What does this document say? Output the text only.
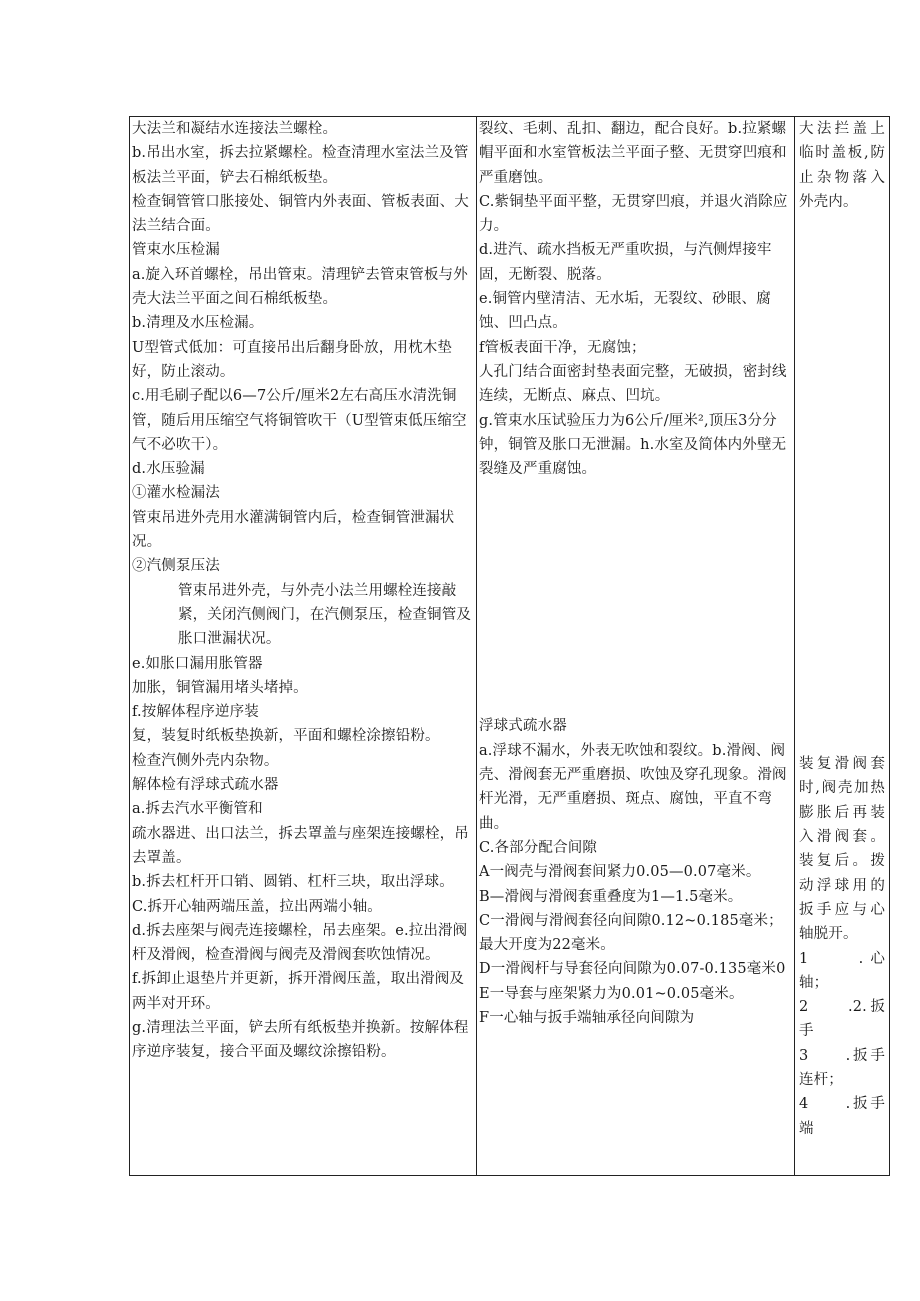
大法兰和凝结水连接法兰螺栓。
b.吊出水室，拆去拉紧螺栓。检查清理水室法兰及管板法兰平面，铲去石棉纸板垫。
检查铜管管口胀接处、铜管内外表面、管板表面、大法兰结合面。
管束水压检漏
a.旋入环首螺栓，吊出管束。清理铲去管束管板与外壳大法兰平面之间石棉纸板垫。
b.清理及水压检漏。
U型管式低加：可直接吊出后翻身卧放，用枕木垫好，防止滚动。
c.用毛刷子配以6—7公斤/厘米2左右高压水清洗铜管，随后用压缩空气将铜管吹干（U型管束低压缩空气不必吹干）。
d.水压验漏
①灌水检漏法
管束吊进外壳用水灌满铜管内后，检查铜管泄漏状况。
②汽侧泵压法
管束吊进外壳，与外壳小法兰用螺栓连接敲紧，关闭汽侧阀门，在汽侧泵压，检查铜管及胀口泄漏状况。
e.如胀口漏用胀管器
加胀，铜管漏用堵头堵掉。
f.按解体程序逆序装
复，装复时纸板垫换新，平面和螺栓涂擦铅粉。
检查汽侧外壳内杂物。
解体检有浮球式疏水器
a.拆去汽水平衡管和
疏水器进、出口法兰，拆去罩盖与座架连接螺栓，吊去罩盖。
b.拆去杠杆开口销、圆销、杠杆三块，取出浮球。
C.拆开心轴两端压盖，拉出两端小轴。
d.拆去座架与阀壳连接螺栓，吊去座架。e.拉出滑阀杆及滑阀，检查滑阀与阀壳及滑阀套吹蚀情况。
f.拆卸止退垫片并更新，拆开滑阀压盖，取出滑阀及两半对开环。
g.清理法兰平面，铲去所有纸板垫并换新。按解体程序逆序装复，接合平面及螺纹涂擦铅粉。

裂纹、毛刺、乱扣、翻边，配合良好。b.拉紧螺帽平面和水室管板法兰平面子整、无贯穿凹痕和严重磨蚀。
C.紫铜垫平面平整，无贯穿凹痕，并退火消除应力。
d.进汽、疏水挡板无严重吹损，与汽侧焊接牢固，无断裂、脱落。
e.铜管内壁清洁、无水垢，无裂纹、砂眼、腐蚀、凹凸点。
f管板表面干净，无腐蚀；
人孔门结合面密封垫表面完整，无破损，密封线连续，无断点、麻点、凹坑。
g.管束水压试验压力为6公斤/厘米²,顶压3分分钟，铜管及胀口无泄漏。h.水室及简体内外壁无裂缝及严重腐蚀。
浮球式疏水器
a.浮球不漏水，外表无吹蚀和裂纹。b.滑阀、阀壳、滑阀套无严重磨损、吹蚀及穿孔现象。滑阀杆光滑，无严重磨损、斑点、腐蚀，平直不弯曲。
C.各部分配合间隙
A一阀壳与滑阀套间紧力0.05—0.07毫米。
B—滑阀与滑阀套重叠度为1—1.5毫米。
C一滑阀与滑阀套径向间隙0.12~0.185毫米；最大开度为22毫米。
D一滑阀杆与导套径向间隙为0.07-0.135毫米0
E一导套与座架紧力为0.01~0.05毫米。
F一心轴与扳手端轴承径向间隙为

大法拦盖上临时盖板,防止杂物落入外壳内。
装复滑阀套时,阀壳加热膨胀后再装入滑阀套。装复后。拨动浮球用的扳手应与心轴脱开。
1　　.心轴；
2　　.2.扳手
3　　.扳手连杆；
4　　.扳手端
